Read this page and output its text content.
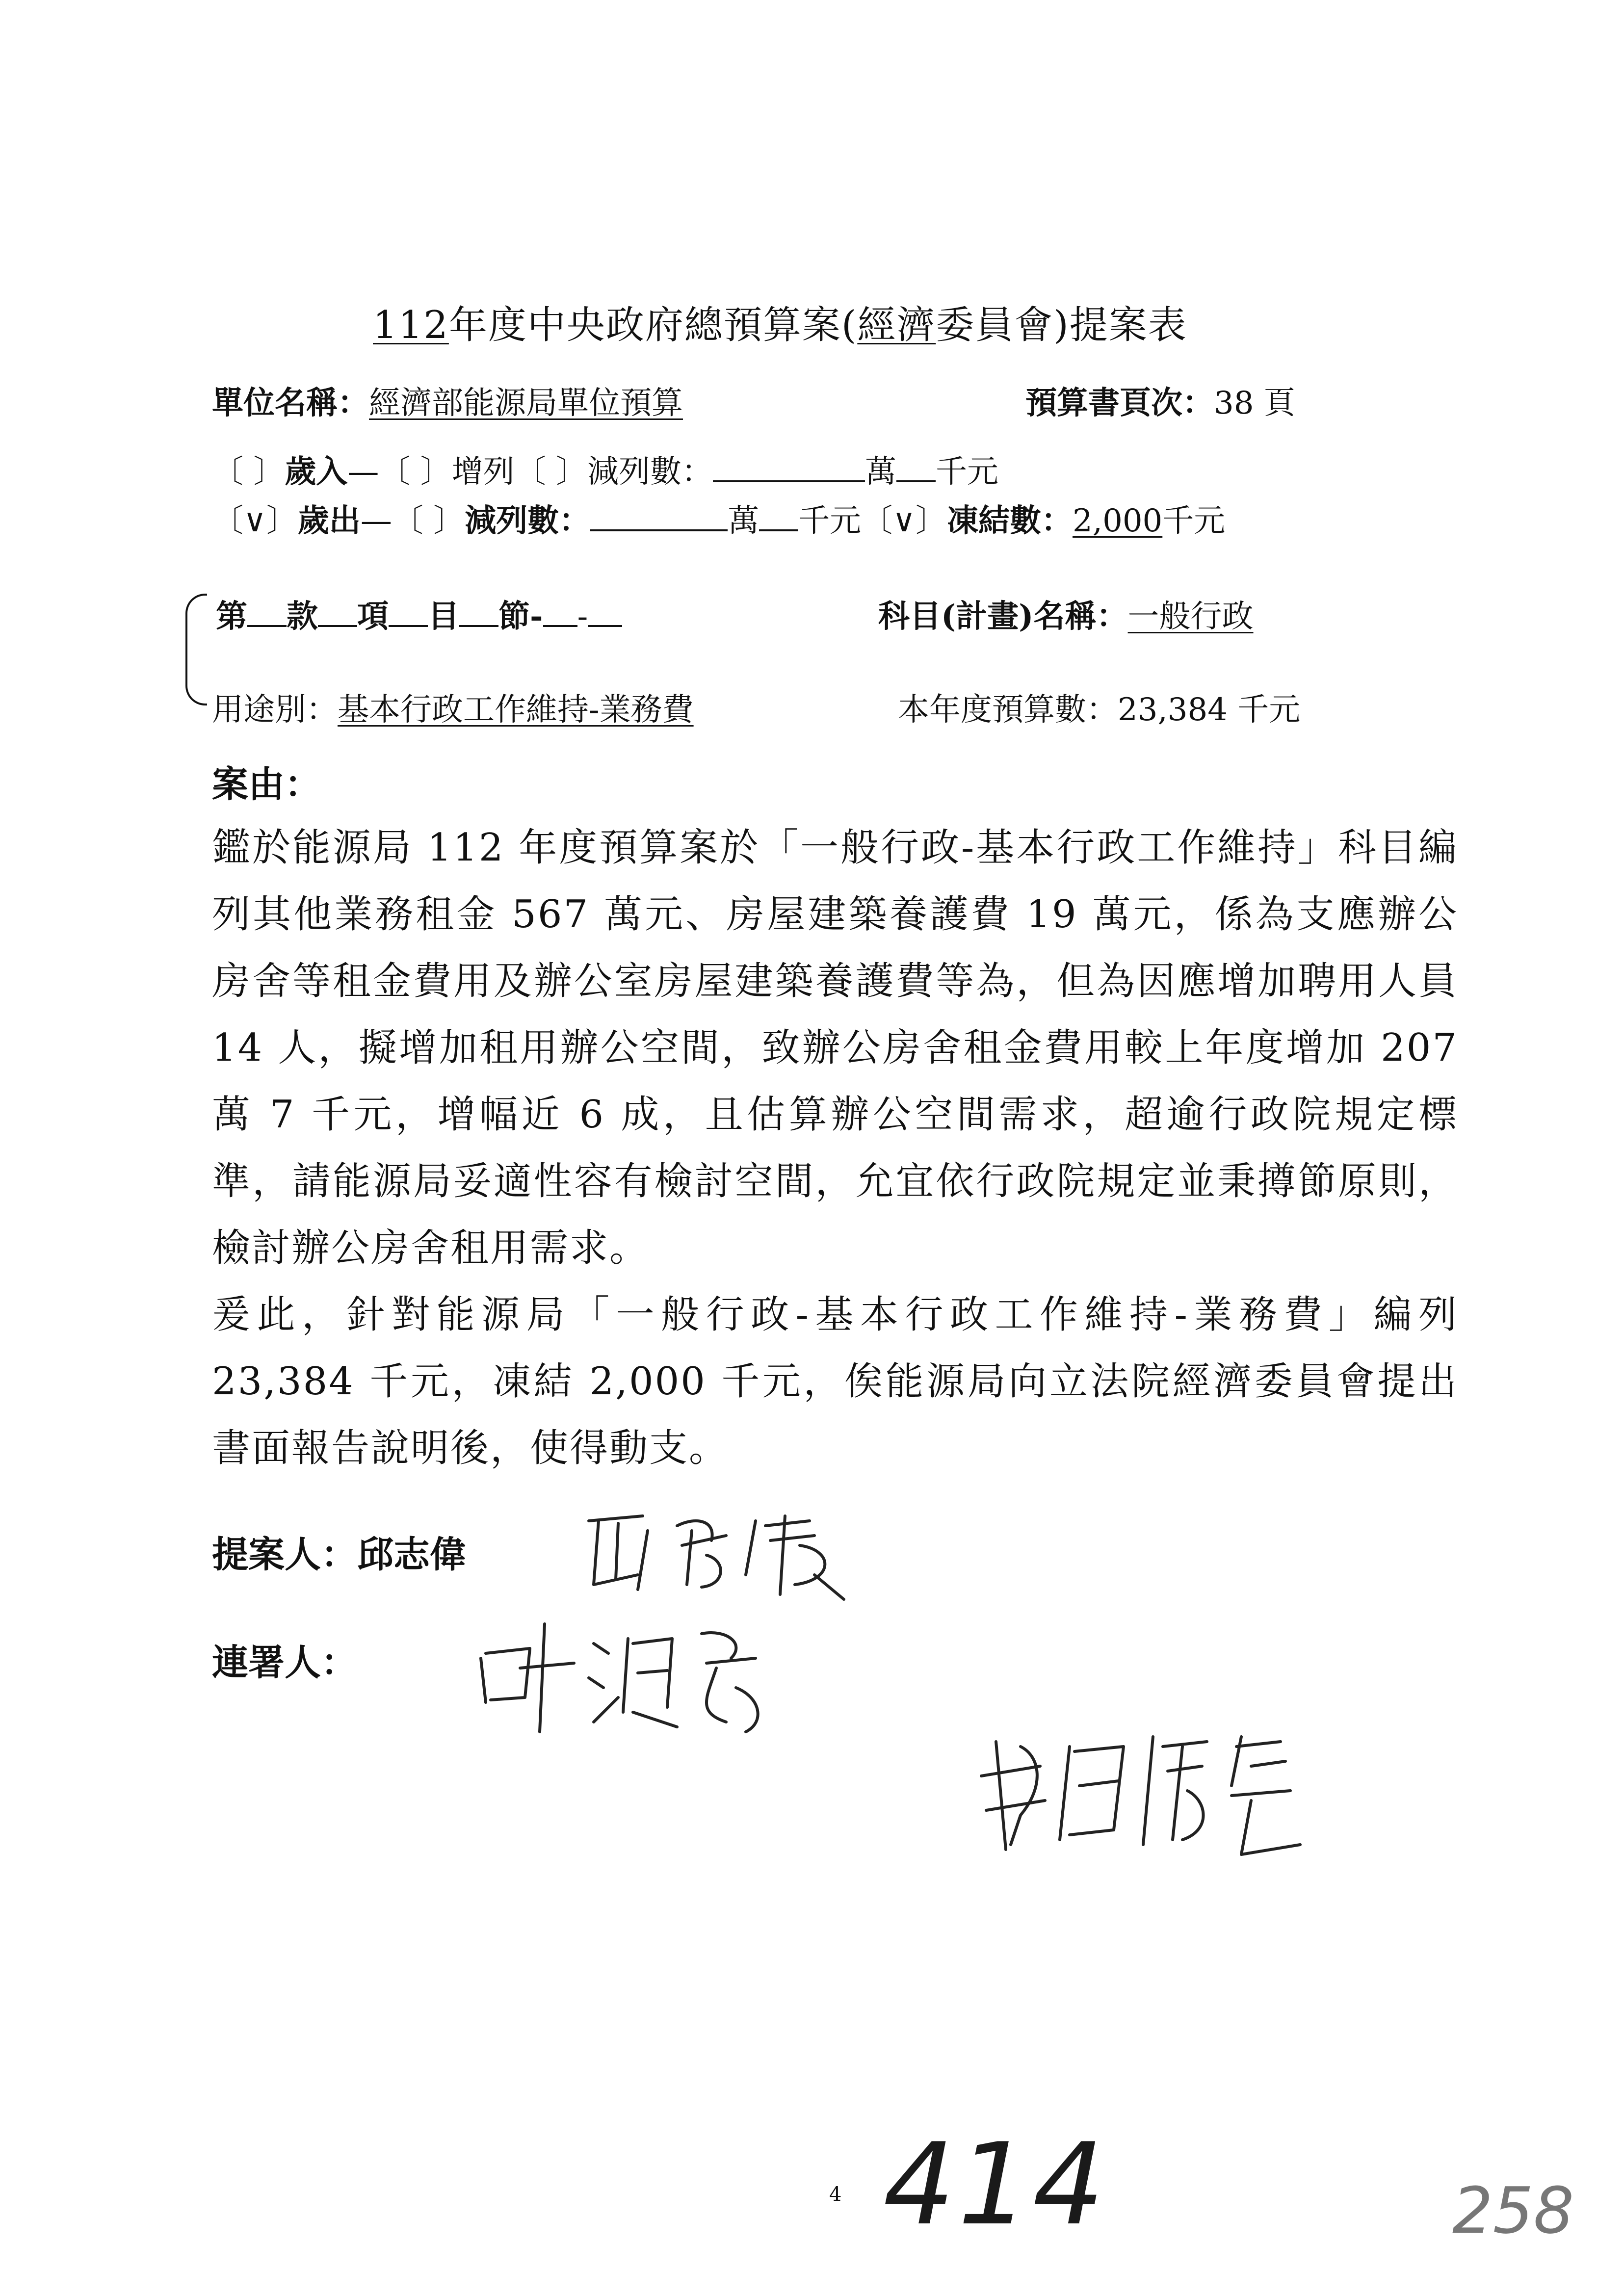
112年度中央政府總預算案(經濟委員會)提案表
單位名稱：經濟部能源局單位預算	預算書頁次：38 頁
〔 〕歲入—〔 〕增列〔 〕減列數：	萬 千元
〔∨〕歲出—〔 〕減列數：	萬 千元〔∨〕凍結數：2,000千元
第 款 項 目 節- -	科目(計畫)名稱：一般行政
用途別：基本行政工作維持-業務費	本年度預算數：23,384 千元
案由：

鑑於能源局 112 年度預算案於「一般行政-基本行政工作維持」科目編列其他業務租金 567 萬元、房屋建築養護費 19 萬元，係為支應辦公房舍等租金費用及辦公室房屋建築養護費等為，但為因應增加聘用人員 14 人，擬增加租用辦公空間，致辦公房舍租金費用較上年度增加 207 萬 7 千元，增幅近 6 成，且估算辦公空間需求，超逾行政院規定標準，請能源局妥適性容有檢討空間，允宜依行政院規定並秉撙節原則，檢討辦公房舍租用需求。

爰此，針對能源局「一般行政-基本行政工作維持-業務費」編列 23,384 千元，凍結 2,000 千元，俟能源局向立法院經濟委員會提出書面報告說明後，使得動支。

提案人：邱志偉
連署人：
4 414	258
